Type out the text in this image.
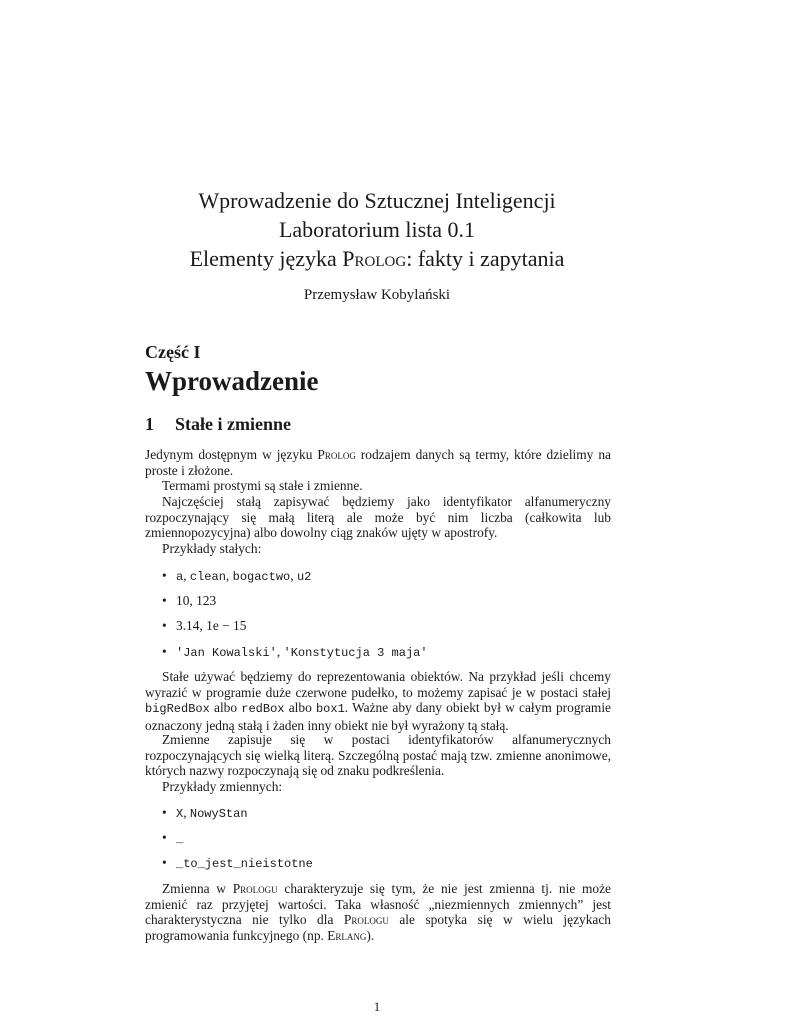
Wprowadzenie do Sztucznej Inteligencji
Laboratorium lista 0.1
Elementy języka Prolog: fakty i zapytania
Przemysław Kobylański
Część I
Wprowadzenie
1 Stałe i zmienne
Jedynym dostępnym w języku Prolog rodzajem danych są termy, które dzielimy na proste i złożone.
Termami prostymi są stałe i zmienne.
Najczęściej stałą zapisywać będziemy jako identyfikator alfanumeryczny rozpoczynający się małą literą ale może być nim liczba (całkowita lub zmiennopozycyjna) albo dowolny ciąg znaków ujęty w apostrofy.
Przykłady stałych:
• a, clean, bogactwo, u2
• 10, 123
• 3.14, 1e − 15
• 'Jan Kowalski', 'Konstytucja 3 maja'
Stałe używać będziemy do reprezentowania obiektów. Na przykład jeśli chcemy wyrazić w programie duże czerwone pudełko, to możemy zapisać je w postaci stałej bigRedBox albo redBox albo box1. Ważne aby dany obiekt był w całym programie oznaczony jedną stałą i żaden inny obiekt nie był wyrażony tą stałą.
Zmienne zapisuje się w postaci identyfikatorów alfanumerycznych rozpoczynających się wielką literą. Szczególną postać mają tzw. zmienne anonimowe, których nazwy rozpoczynają się od znaku podkreślenia.
Przykłady zmiennych:
• X, NowyStan
• _
• _to_jest_nieistotne
Zmienna w Prologu charakteryzuje się tym, że nie jest zmienna tj. nie może zmienić raz przyjętej wartości. Taka własność „niezmiennych zmiennych” jest charakterystyczna nie tylko dla Prologu ale spotyka się w wielu językach programowania funkcyjnego (np. Erlang).
1
